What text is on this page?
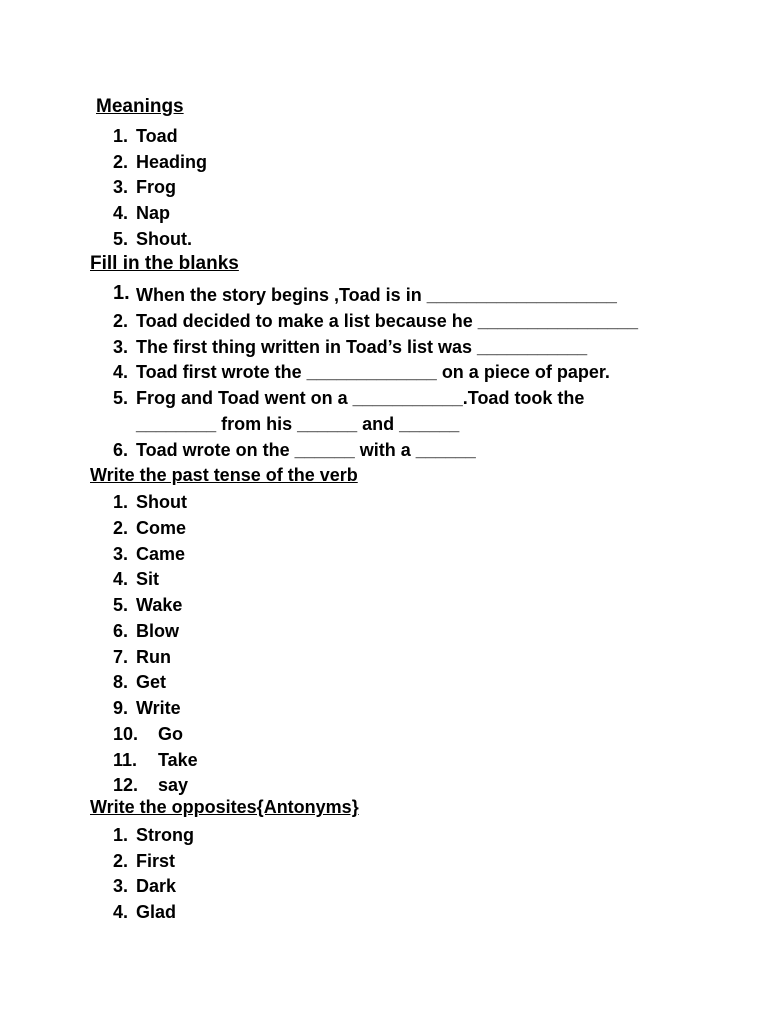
Meanings
1. Toad
2. Heading
3. Frog
4. Nap
5. Shout.
Fill in the blanks
1. When the story begins ,Toad is in ___________________
2. Toad decided to make a list because he ________________
3. The first thing written in Toad’s list was ___________
4. Toad first wrote the _____________ on a piece of paper.
5. Frog and Toad went on a ___________.Toad took the
________ from his ______ and ______
6. Toad wrote on the ______ with a ______
Write the past tense of the verb
1. Shout
2. Come
3. Came
4. Sit
5. Wake
6. Blow
7. Run
8. Get
9. Write
10. Go
11. Take
12. say
Write the opposites{Antonyms}
1. Strong
2. First
3. Dark
4. Glad
